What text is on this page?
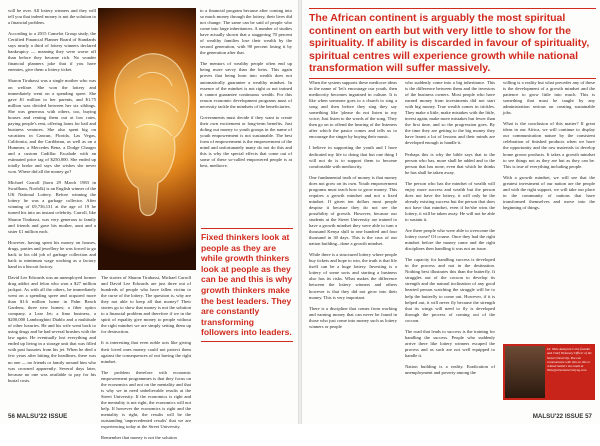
will be over. All lottery winners and they will tell you that indeed money is not the solution to a financial problem.

According to a 2015 Camelot Group study, the Certified Financial Planner Board of Standards says nearly a third of lottery winners declared bankruptcy — meaning they were worse off than before they became rich. No wonder financial planners joke that if you have enemies, give them a lottery ticket.

Sharon Tirabassi was a single mother who was on welfare. She won the lottery and immediately went on a spending spree. She gave $1 million to her parents, and $1.75 million was divided between her six siblings. She was generous with others, too, buying houses and renting them out at low rates, paying people's rent, offering loans for bail and business ventures. She also spent big on vacations in Cancun, Florida, Las Vegas, California, and the Caribbean, as well as on a Hummer, a Mercedes Benz, a Dodge Charger and a custom Cadillac Escalade with an estimated price tag of $250,000. She ended up totally broke and says she wishes she never won. Where did all the money go?

Michael Carroll (born 29 March 1983 in Swaffham, Norfolk) is an English winner of the UK National Lottery. Before winning the lottery he was a garbage collector. After winning of £9,736,131 at the age of 19 he turned his into an instant celebrity. Carroll, like Sharon Tirabassi, was very generous to family and friends and gave his mother, aunt and a sister £1 million each.

However, having spent his money on houses, drugs, parties and jewellery he was forced to go back to his old job of garbage collection and back to minimum wage working as a factory hand in a biscuit factory.

David Lee Edwards was an unemployed former drug addict and felon who won a $27 million jackpot. As with all the others, he immediately went on a spending spree and acquired more than $1.6 million home in Palm Beach Gardens; three new homes; a fiber optics company, a Lear Jet; a limo business, a $200,000 Lamborghini Diablo and a multitude of other luxuries. He and his wife went back to using drugs and he had several brushes with the law again. He eventually lost everything and ended up living in a storage unit that was filled with past luxuries from his jet. When he died a few years after hitting the headlines, there was no one — no friends or family around him who was crowned apparently. Several days later, because no one was available to pay for his burial costs.

The stories of Sharon Tirabassi, Michael Carroll and David Lee Edwards are just three out of hundreds of people who have fallen victim to the curse of the lottery. The question is, why are they not able to keep all that money? Their stories go to show that money is not the solution to a financial problem and therefore if we in the spirit of equality give money to people without the right mindset we are simply setting them up for destruction.

It is interesting that even noble acts like giving their loved ones money could not protect them against the consequences of not having the right mindset.

The problem therefore with economic empowerment programmes is that they focus on the economics and not on the mentality and that is why we in need unbelievable results at the Street University. If the economics is right and the mentality is not right, the economics will not help. If however the economics is right and the mentality is right, the results will be the outstanding 'unprecedented results' that we are experiencing today at the Street University.

Remember that money is not the solution

to a financial program because after coming into so much money through the lottery, their lives did not change. The same can be said of people who come into large inheritances. A number of studies have actually shown that a staggering 70 percent of wealthy families lose their wealth by the second generation, with 90 percent losing it by the generation after that.

The mentors of wealthy people often end up being more savvy than the heirs. This again proves that being born into wealth does not automatically guarantee a wealthy mindset. In essence of the mindset is not right or not trained it cannot guarantee continuous wealth. For this reason economic development programs must of necessity tackle the mindsets of the beneficiaries.

Governments must decide if they want to create their own excitement or long-term benefits. Just doling out money to youth groups in the name of youth empowerment is not sustainable. The best form of empowerment is the empowerment of the mind and unfortunately many do not do this and this is why the special effects that come out of some of these so-called empowered people is at best, mediocre.

Fixed thinkers look at people as they are while growth thinkers look at people as they can be and this is why growth thinkers make the best leaders. They are constantly transforming followers into leaders.
56 MALSU'22 ISSUE
The African continent is arguably the most spiritual continent on earth but with very little to show for the spirituality. If ability is discarded in favour of spirituality, spiritual centres will experience growth while national transformation will suffer massively.

When the system supports these mediocre ideas in the name of 'let's encourage our youth, then mediocrity becomes ingrained in culture. It is like when someone goes to a church to sing a song and then before they sing they say something like 'please do not listen to my voice; Just listen to the words of the song. They then go on to offend the hearing of the listeners after which the pastor comes and tells us to encourage the singer by buying their music.

I believe in supporting the youth and I have dedicated my life to doing that but one thing I will not do is to support them to become comfortable with mediocrity.

One fundamental truth of money is that money does not grow on its own. Youth empowerment programs must teach how to grow money. This requires a growth mindset and not a fixed mindset. If given ten dollars most people despise it because they do not see the possibility of growth. However, because our students at the Street University are trained to have a growth mindset they were able to turn a thousand Kenya shill to one hundred and four thousand in 30 days. This is the crux of our nation building...done a growth mindset.

While there is a structured lottery where people buy tickets and hope to win, the truth is that life itself can be a huge lottery. Investing is a lottery of some sorts and starting a business also has its risks. What makes the difference between the lottery winners and others however is that they did not grow into their money. This is very important.

There is a discipline that comes from working and earning money that can never be found in those who just come into money such as lottery winners or people

who suddenly come into a big inheritance. This is the difference between them and the investors of the business owners. Most people who have earned money from investments did not start with big money. True wealth comes in trickles. They make a little, make mistakes with the little, invest again, make more mistakes but fewer than the first time, and so the progression goes. By the time they are getting to the big money they have learnt a lot of lessons and their minds are developed enough to handle it.

Perhaps this is why the bible says that to the person who has, more shall be added and to the person that has none, even that which he thinks he has shall be taken away.

The person who has the mindset of wealth will enjoy more success and wealth but the person does not have the lottery, it will only be the already existing success but the person that does not have that mindset, even if he/she wins the lottery, it will be taken away. He will not be able to sustain it.

Are there people who were able to overcome the lottery curse? Of course. Once they had the right mindset before the money came and the right disciplines then handling it was not an issue.

The capacity for handling success is developed in the process and not in the destination. Nothing best illustrates this than the butterfly. It struggles out of the cocoon to develop its strength and the natural inclination of any good hearted person watching the struggle will be to help the butterfly to come out. However, if it is helped out, it will never fly because the strength that its wings will need to fly is developed through the process of coming out of the cocoon.

The road that leads to success is the training for handling the success. People who suddenly arrive there like lottery winners escaped the process and as such are not well equipped to handle it.

Nation building is a reality. Eradication of unemployment and poverty among the

willing is a reality but what precedes any of these is the development of a growth mindset and the patience to grow little into much. This is something that must be taught by any administration serious on creating sustainable jobs.

What is the conclusion of this matter? If great ideas in our Africa, we will continue to display our communication nature by the consistent celebration of finished products when we have the opportunity and the raw materials to develop home grown products. It takes a growth mindset to see things not as they are but as they can be. This is true of everything including people.

With a growth mindset, we will see that the greatest investment of our nation are the people and with the right support, we will take our place in the community of nations that have transformed themselves and move into the beginning of things.

Dr. Wale Akinyemi is the founder and Chief Visionary Officer of the Street University. You can communicate with him on this or related matters via email at Wale@streetuniversityng.com
MALSU'22 ISSUE 57
